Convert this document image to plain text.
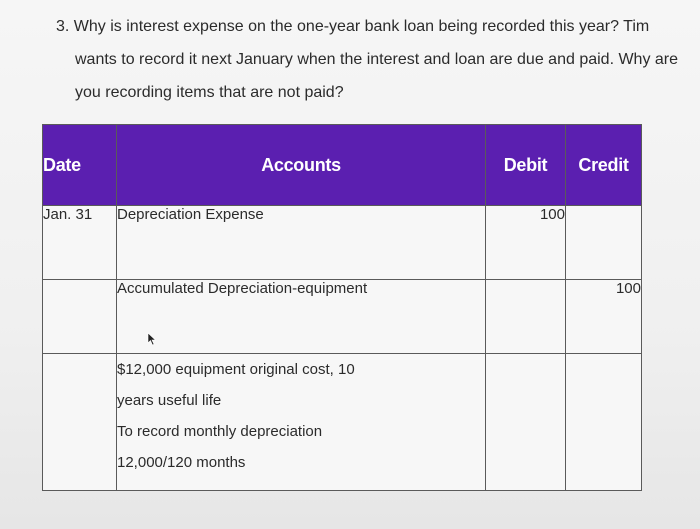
3. Why is interest expense on the one-year bank loan being recorded this year? Tim
wants to record it next January when the interest and loan are due and paid. Why are
you recording items that are not paid?
Date	Accounts	Debit	Credit
Jan. 31	Depreciation Expense	100	
	Accumulated Depreciation-equipment		100

	$12,000 equipment original cost, 10
years useful life
To record monthly depreciation
12,000/120 months		
